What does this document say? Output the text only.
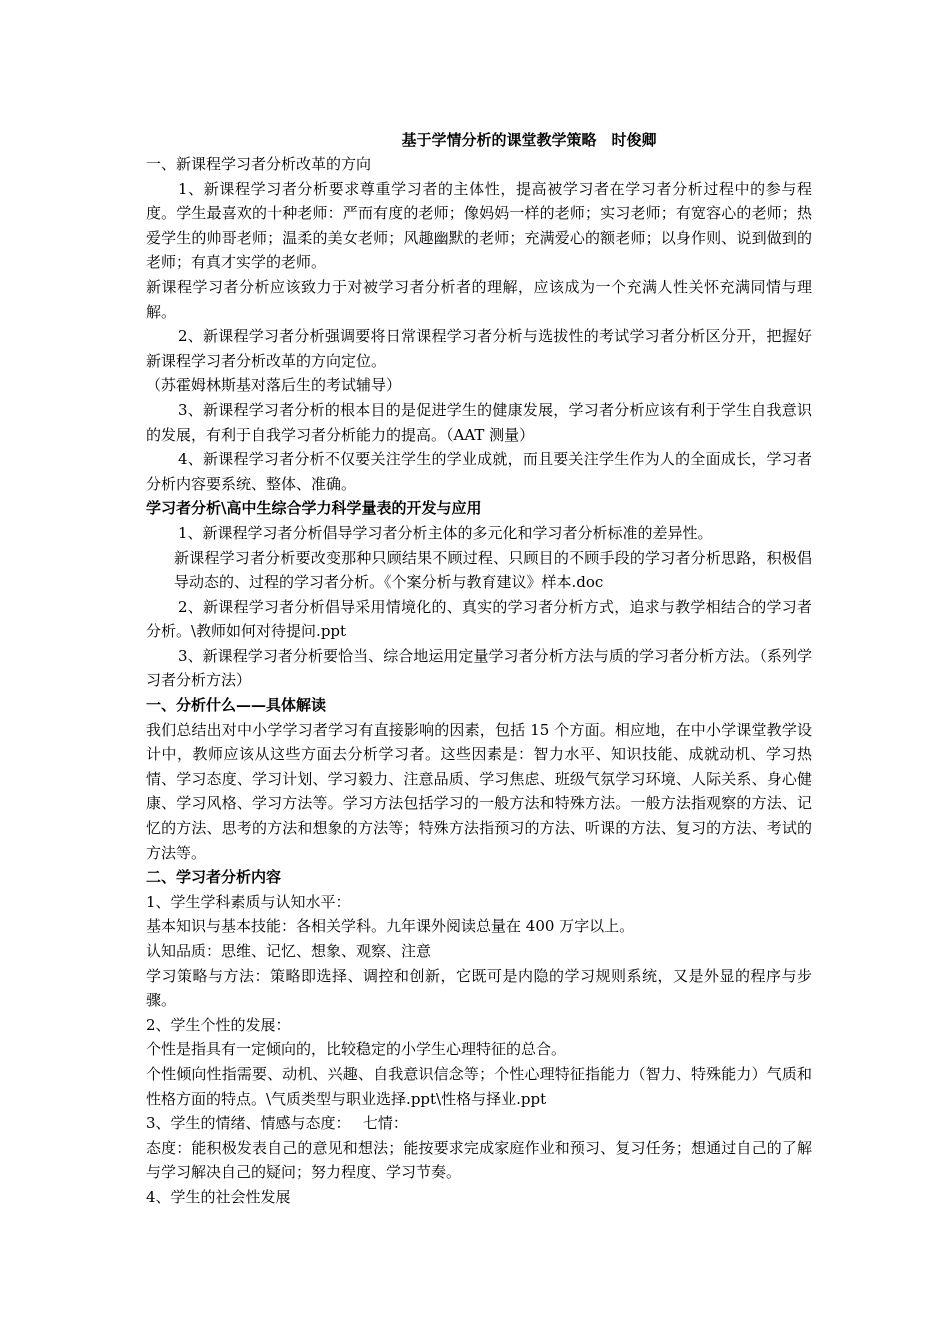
基于学情分析的课堂教学策略　时俊卿
一、新课程学习者分析改革的方向

1、新课程学习者分析要求尊重学习者的主体性，提高被学习者在学习者分析过程中的参与程度。学生最喜欢的十种老师：严而有度的老师；像妈妈一样的老师；实习老师；有宽容心的老师；热爱学生的帅哥老师；温柔的美女老师；风趣幽默的老师；充满爱心的额老师；以身作则、说到做到的老师；有真才实学的老师。

新课程学习者分析应该致力于对被学习者分析者的理解，应该成为一个充满人性关怀充满同情与理解。

2、新课程学习者分析强调要将日常课程学习者分析与选拔性的考试学习者分析区分开，把握好新课程学习者分析改革的方向定位。

（苏霍姆林斯基对落后生的考试辅导）

3、新课程学习者分析的根本目的是促进学生的健康发展，学习者分析应该有利于学生自我意识的发展，有利于自我学习者分析能力的提高。（AAT 测量）

4、新课程学习者分析不仅要关注学生的学业成就，而且要关注学生作为人的全面成长，学习者分析内容要系统、整体、准确。

学习者分析\高中生综合学力科学量表的开发与应用

1、新课程学习者分析倡导学习者分析主体的多元化和学习者分析标准的差异性。

新课程学习者分析要改变那种只顾结果不顾过程、只顾目的不顾手段的学习者分析思路，积极倡导动态的、过程的学习者分析。《个案分析与教育建议》样本.doc

2、新课程学习者分析倡导采用情境化的、真实的学习者分析方式，追求与教学相结合的学习者分析。\教师如何对待提问.ppt

3、新课程学习者分析要恰当、综合地运用定量学习者分析方法与质的学习者分析方法。（系列学习者分析方法）

一、分析什么——具体解读

我们总结出对中小学学习者学习有直接影响的因素，包括 15 个方面。相应地，在中小学课堂教学设计中，教师应该从这些方面去分析学习者。这些因素是：智力水平、知识技能、成就动机、学习热情、学习态度、学习计划、学习毅力、注意品质、学习焦虑、班级气氛学习环境、人际关系、身心健康、学习风格、学习方法等。学习方法包括学习的一般方法和特殊方法。一般方法指观察的方法、记忆的方法、思考的方法和想象的方法等；特殊方法指预习的方法、听课的方法、复习的方法、考试的方法等。

二、学习者分析内容

1、学生学科素质与认知水平：

基本知识与基本技能：各相关学科。九年课外阅读总量在 400 万字以上。

认知品质：思维、记忆、想象、观察、注意

学习策略与方法：策略即选择、调控和创新，它既可是内隐的学习规则系统，又是外显的程序与步骤。

2、学生个性的发展：

个性是指具有一定倾向的，比较稳定的小学生心理特征的总合。

个性倾向性指需要、动机、兴趣、自我意识信念等；个性心理特征指能力（智力、特殊能力）气质和性格方面的特点。\气质类型与职业选择.ppt\性格与择业.ppt

3、学生的情绪、情感与态度：　 七情：

态度：能积极发表自己的意见和想法；能按要求完成家庭作业和预习、复习任务；想通过自己的了解与学习解决自己的疑问；努力程度、学习节奏。

4、学生的社会性发展
